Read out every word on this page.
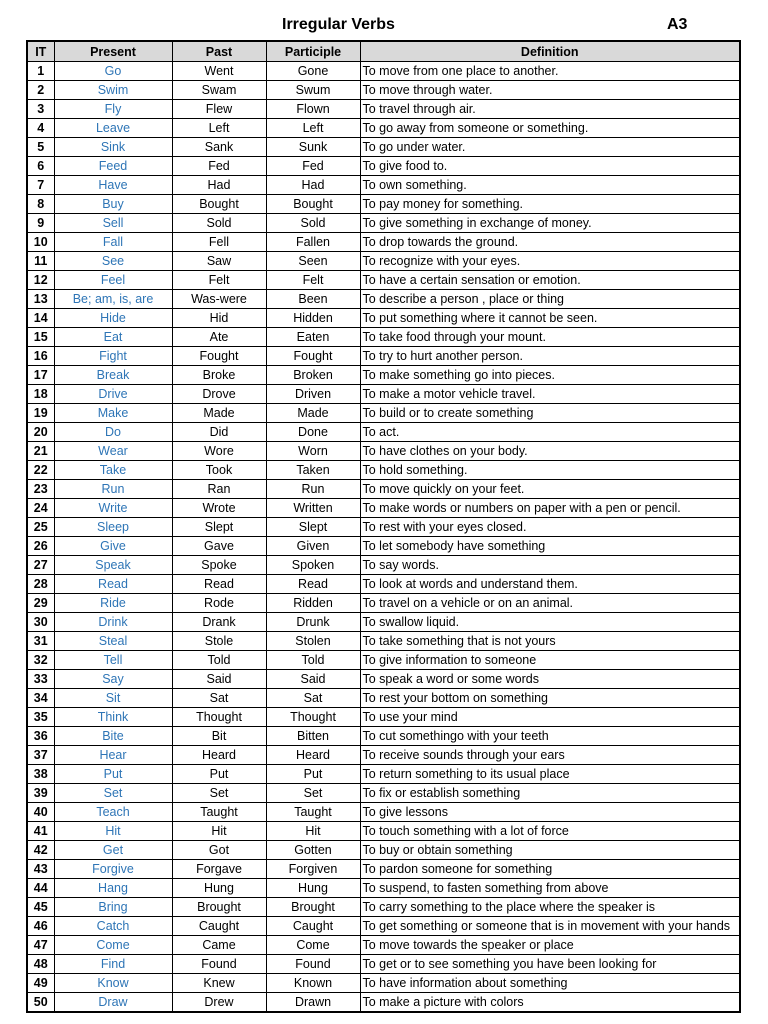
Irregular Verbs	A3
IT	Present	Past	Participle	Definition
1	Go	Went	Gone	To move from one place to another.
2	Swim	Swam	Swum	To move through water.
3	Fly	Flew	Flown	To travel through air.
4	Leave	Left	Left	To go away from someone or something.
5	Sink	Sank	Sunk	To go under water.
6	Feed	Fed	Fed	To give food to.
7	Have	Had	Had	To own something.
8	Buy	Bought	Bought	To pay money for something.
9	Sell	Sold	Sold	To give something in exchange of money.
10	Fall	Fell	Fallen	To drop towards the ground.
11	See	Saw	Seen	To recognize with your eyes.
12	Feel	Felt	Felt	To have a certain sensation or emotion.
13	Be; am, is, are	Was-were	Been	To describe a person , place or thing
14	Hide	Hid	Hidden	To put something where it cannot be seen.
15	Eat	Ate	Eaten	To take food through your mount.
16	Fight	Fought	Fought	To try to hurt another person.
17	Break	Broke	Broken	To make something go into pieces.
18	Drive	Drove	Driven	To make a motor vehicle travel.
19	Make	Made	Made	To build or to create something
20	Do	Did	Done	To act.
21	Wear	Wore	Worn	To have clothes on your body.
22	Take	Took	Taken	To hold something.
23	Run	Ran	Run	To move quickly on your feet.
24	Write	Wrote	Written	To make words or numbers on paper with a pen or pencil.
25	Sleep	Slept	Slept	To rest with your eyes closed.
26	Give	Gave	Given	To let somebody have something
27	Speak	Spoke	Spoken	To say words.
28	Read	Read	Read	To look at words and understand them.
29	Ride	Rode	Ridden	To travel on a vehicle or on an animal.
30	Drink	Drank	Drunk	To swallow liquid.
31	Steal	Stole	Stolen	To take something that is not yours
32	Tell	Told	Told	To give information to someone
33	Say	Said	Said	To speak a word or some words
34	Sit	Sat	Sat	To rest your bottom on something
35	Think	Thought	Thought	To use your mind
36	Bite	Bit	Bitten	To cut somethingo with your teeth
37	Hear	Heard	Heard	To receive sounds through your ears
38	Put	Put	Put	To return something to its usual place
39	Set	Set	Set	To fix or establish something
40	Teach	Taught	Taught	To give lessons
41	Hit	Hit	Hit	To touch something with a lot of force
42	Get	Got	Gotten	To buy or obtain something
43	Forgive	Forgave	Forgiven	To pardon someone for something
44	Hang	Hung	Hung	To suspend, to fasten something from above
45	Bring	Brought	Brought	To carry something to the place where the speaker is
46	Catch	Caught	Caught	To get something or someone that is in movement with your hands
47	Come	Came	Come	To move towards the speaker or place
48	Find	Found	Found	To get or to see something you have been looking for
49	Know	Knew	Known	To have information about something
50	Draw	Drew	Drawn	To make a picture with colors
